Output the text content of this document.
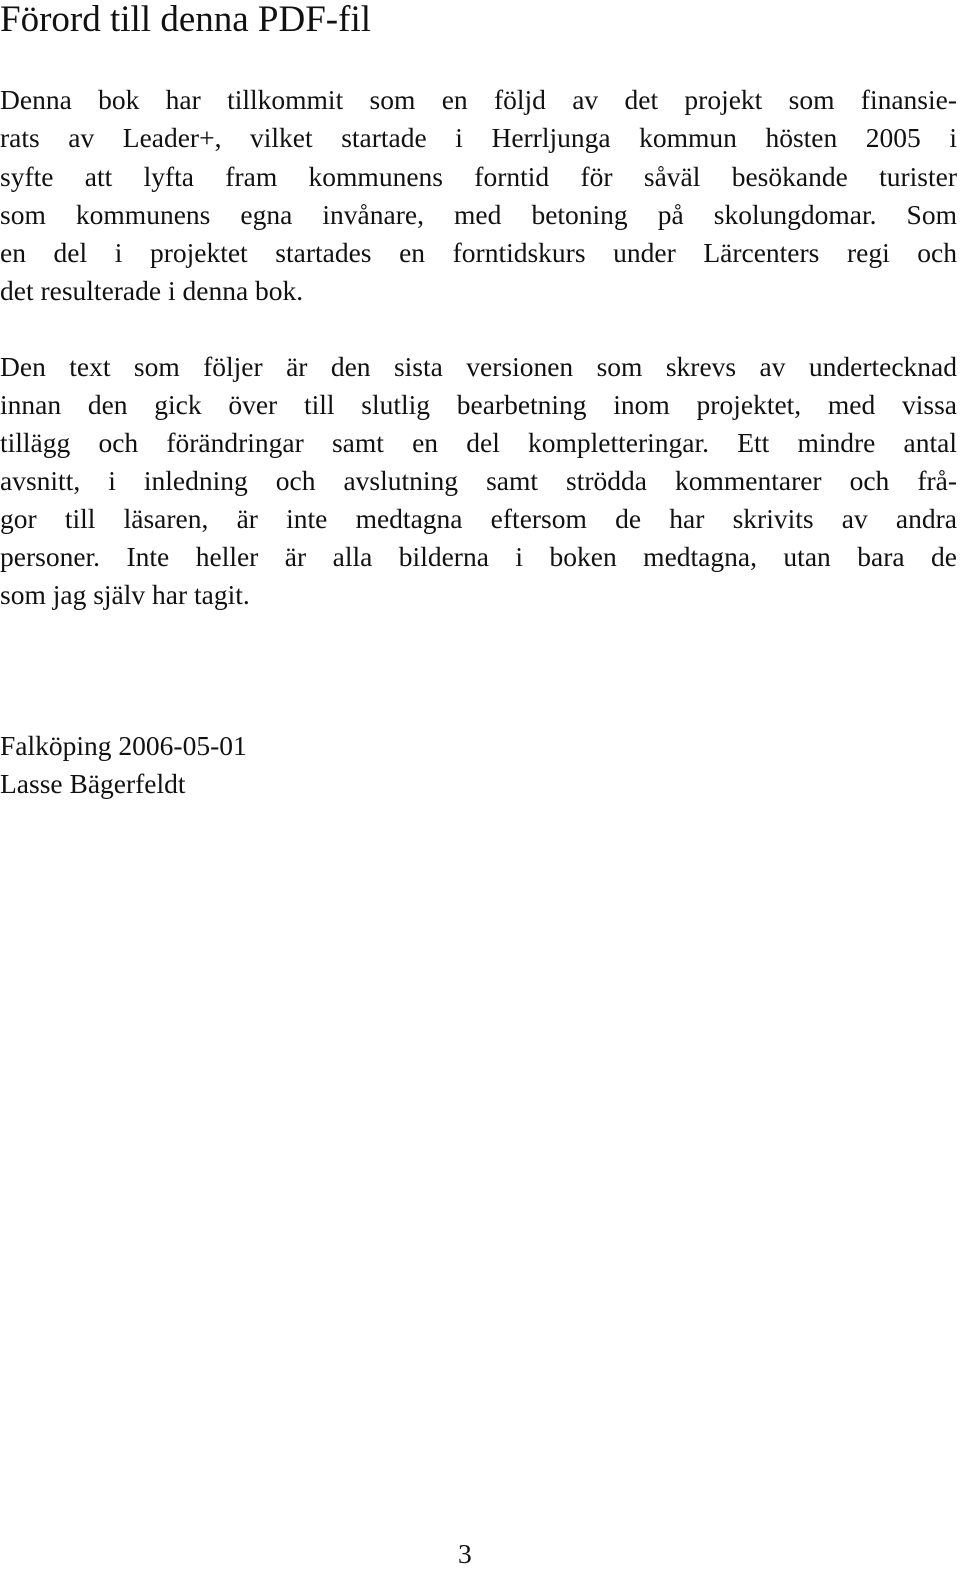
Förord till denna PDF-fil

Denna bok har tillkommit som en följd av det projekt som finansie-

rats av Leader+, vilket startade i Herrljunga kommun hösten 2005 i

syfte att lyfta fram kommunens forntid för såväl besökande turister

som kommunens egna invånare, med betoning på skolungdomar. Som

en del i projektet startades en forntidskurs under Lärcenters regi och

det resulterade i denna bok.

Den text som följer är den sista versionen som skrevs av undertecknad

innan den gick över till slutlig bearbetning inom projektet, med vissa

tillägg och förändringar samt en del kompletteringar. Ett mindre antal

avsnitt, i inledning och avslutning samt strödda kommentarer och frå-

gor till läsaren, är inte medtagna eftersom de har skrivits av andra

personer. Inte heller är alla bilderna i boken medtagna, utan bara de

som jag själv har tagit.

Falköping 2006-05-01

Lasse Bägerfeldt

3
